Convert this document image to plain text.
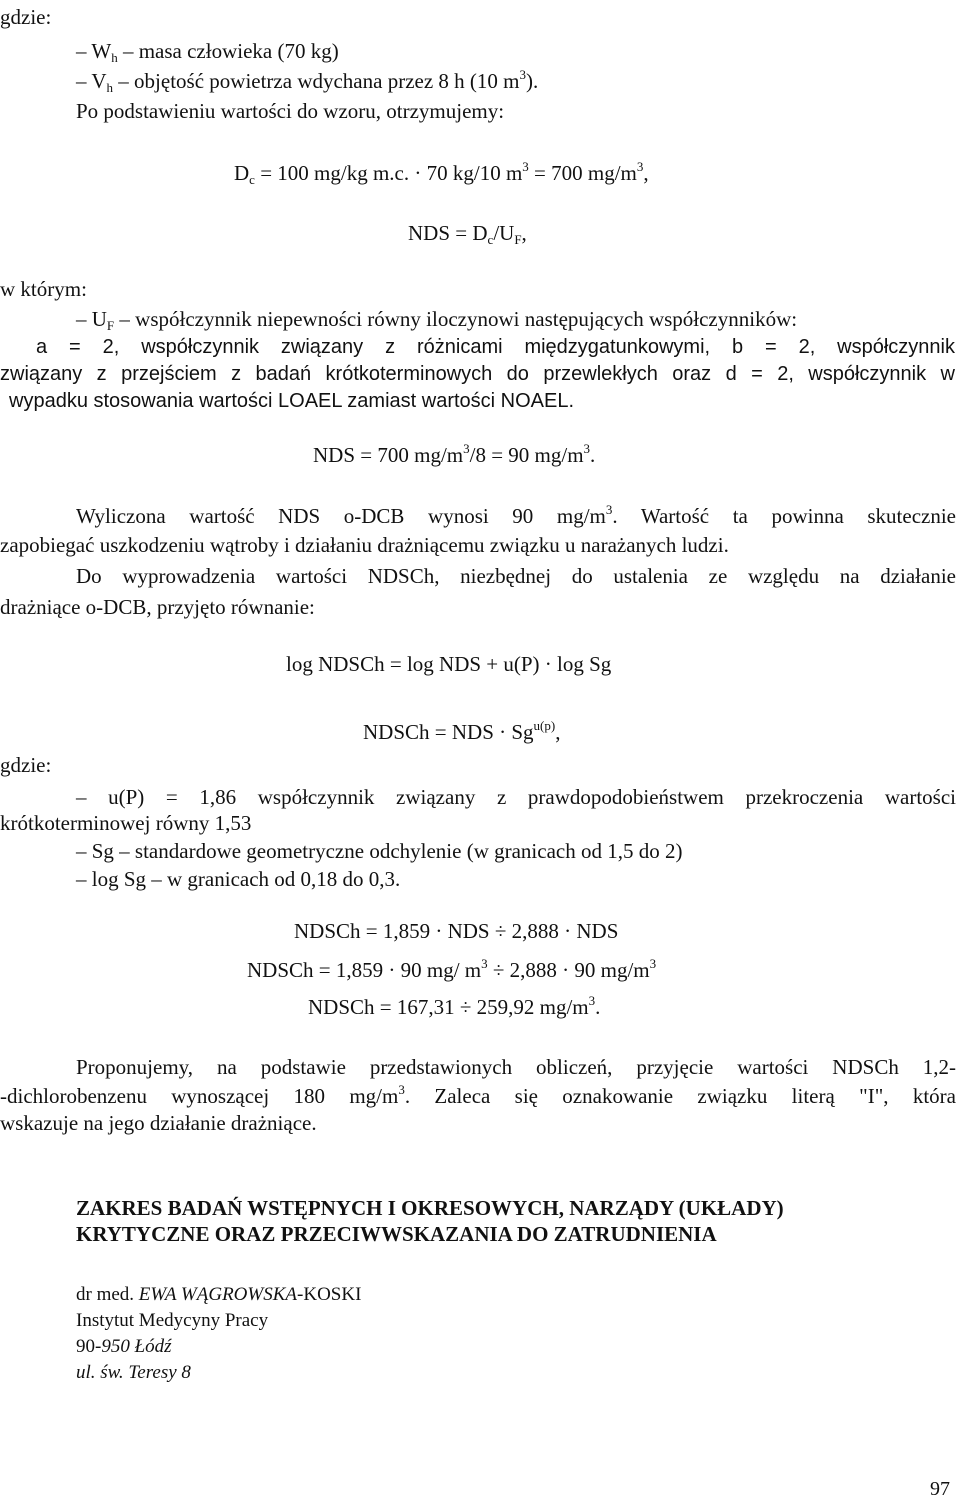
gdzie:
– $W_h$ – masa człowieka (70 kg)
– $V_h$ – objętość powietrza wdychana przez 8 h (10 $m^3$).
Po podstawieniu wartości do wzoru, otrzymujemy:
$D_c = 100$ mg/kg m.c. · 70 kg/10 $m^3 = 700$ $mg/m^3$,
NDS = $D_c/U_F$,
w którym:
– $U_F$ – współczynnik niepewności równy iloczynowi następujących współczynników:
a = 2, współczynnik związany z różnicami międzygatunkowymi, b = 2, współczynnik
związany z przejściem z badań krótkoterminowych do przewlekłych oraz d = 2, współczynnik w
wypadku stosowania wartości LOAEL zamiast wartości NOAEL.
NDS = 700 $mg/m^3/8 = 90$ $mg/m^3$.
Wyliczona wartość NDS o-DCB wynosi 90 $mg/m^3$. Wartość ta powinna skutecznie
zapobiegać uszkodzeniu wątroby i działaniu drażniącemu związku u narażanych ludzi.
Do wyprowadzenia wartości NDSCh, niezbędnej do ustalenia ze względu na działanie
drażniące o-DCB, przyjęto równanie:
log NDSCh = log NDS + u(P) · log Sg
NDSCh = NDS · $Sg^{u(p)}$,
gdzie:
– u(P) = 1,86 współczynnik związany z prawdopodobieństwem przekroczenia wartości
krótkoterminowej równy 1,53
– Sg – standardowe geometryczne odchylenie (w granicach od 1,5 do 2)
– log Sg – w granicach od 0,18 do 0,3.
NDSCh = 1,859 · NDS ÷ 2,888 · NDS
NDSCh = 1,859 · 90 mg/ $m^3 \div 2,888 \cdot 90$ $mg/m^3$
NDSCh = 167,31 ÷ 259,92 $mg/m^3$.
Proponujemy, na podstawie przedstawionych obliczeń, przyjęcie wartości NDSCh 1,2-
-dichlorobenzenu wynoszącej 180 $mg/m^3$. Zaleca się oznakowanie związku literą "I", która
wskazuje na jego działanie drażniące.
ZAKRES BADAŃ WSTĘPNYCH I OKRESOWYCH, NARZĄDY (UKŁADY)
KRYTYCZNE ORAZ PRZECIWWSKAZANIA DO ZATRUDNIENIA
dr med. EWA WĄGROWSKA-KOSKI
Instytut Medycyny Pracy
90-950 Łódź
ul. św. Teresy 8
97
